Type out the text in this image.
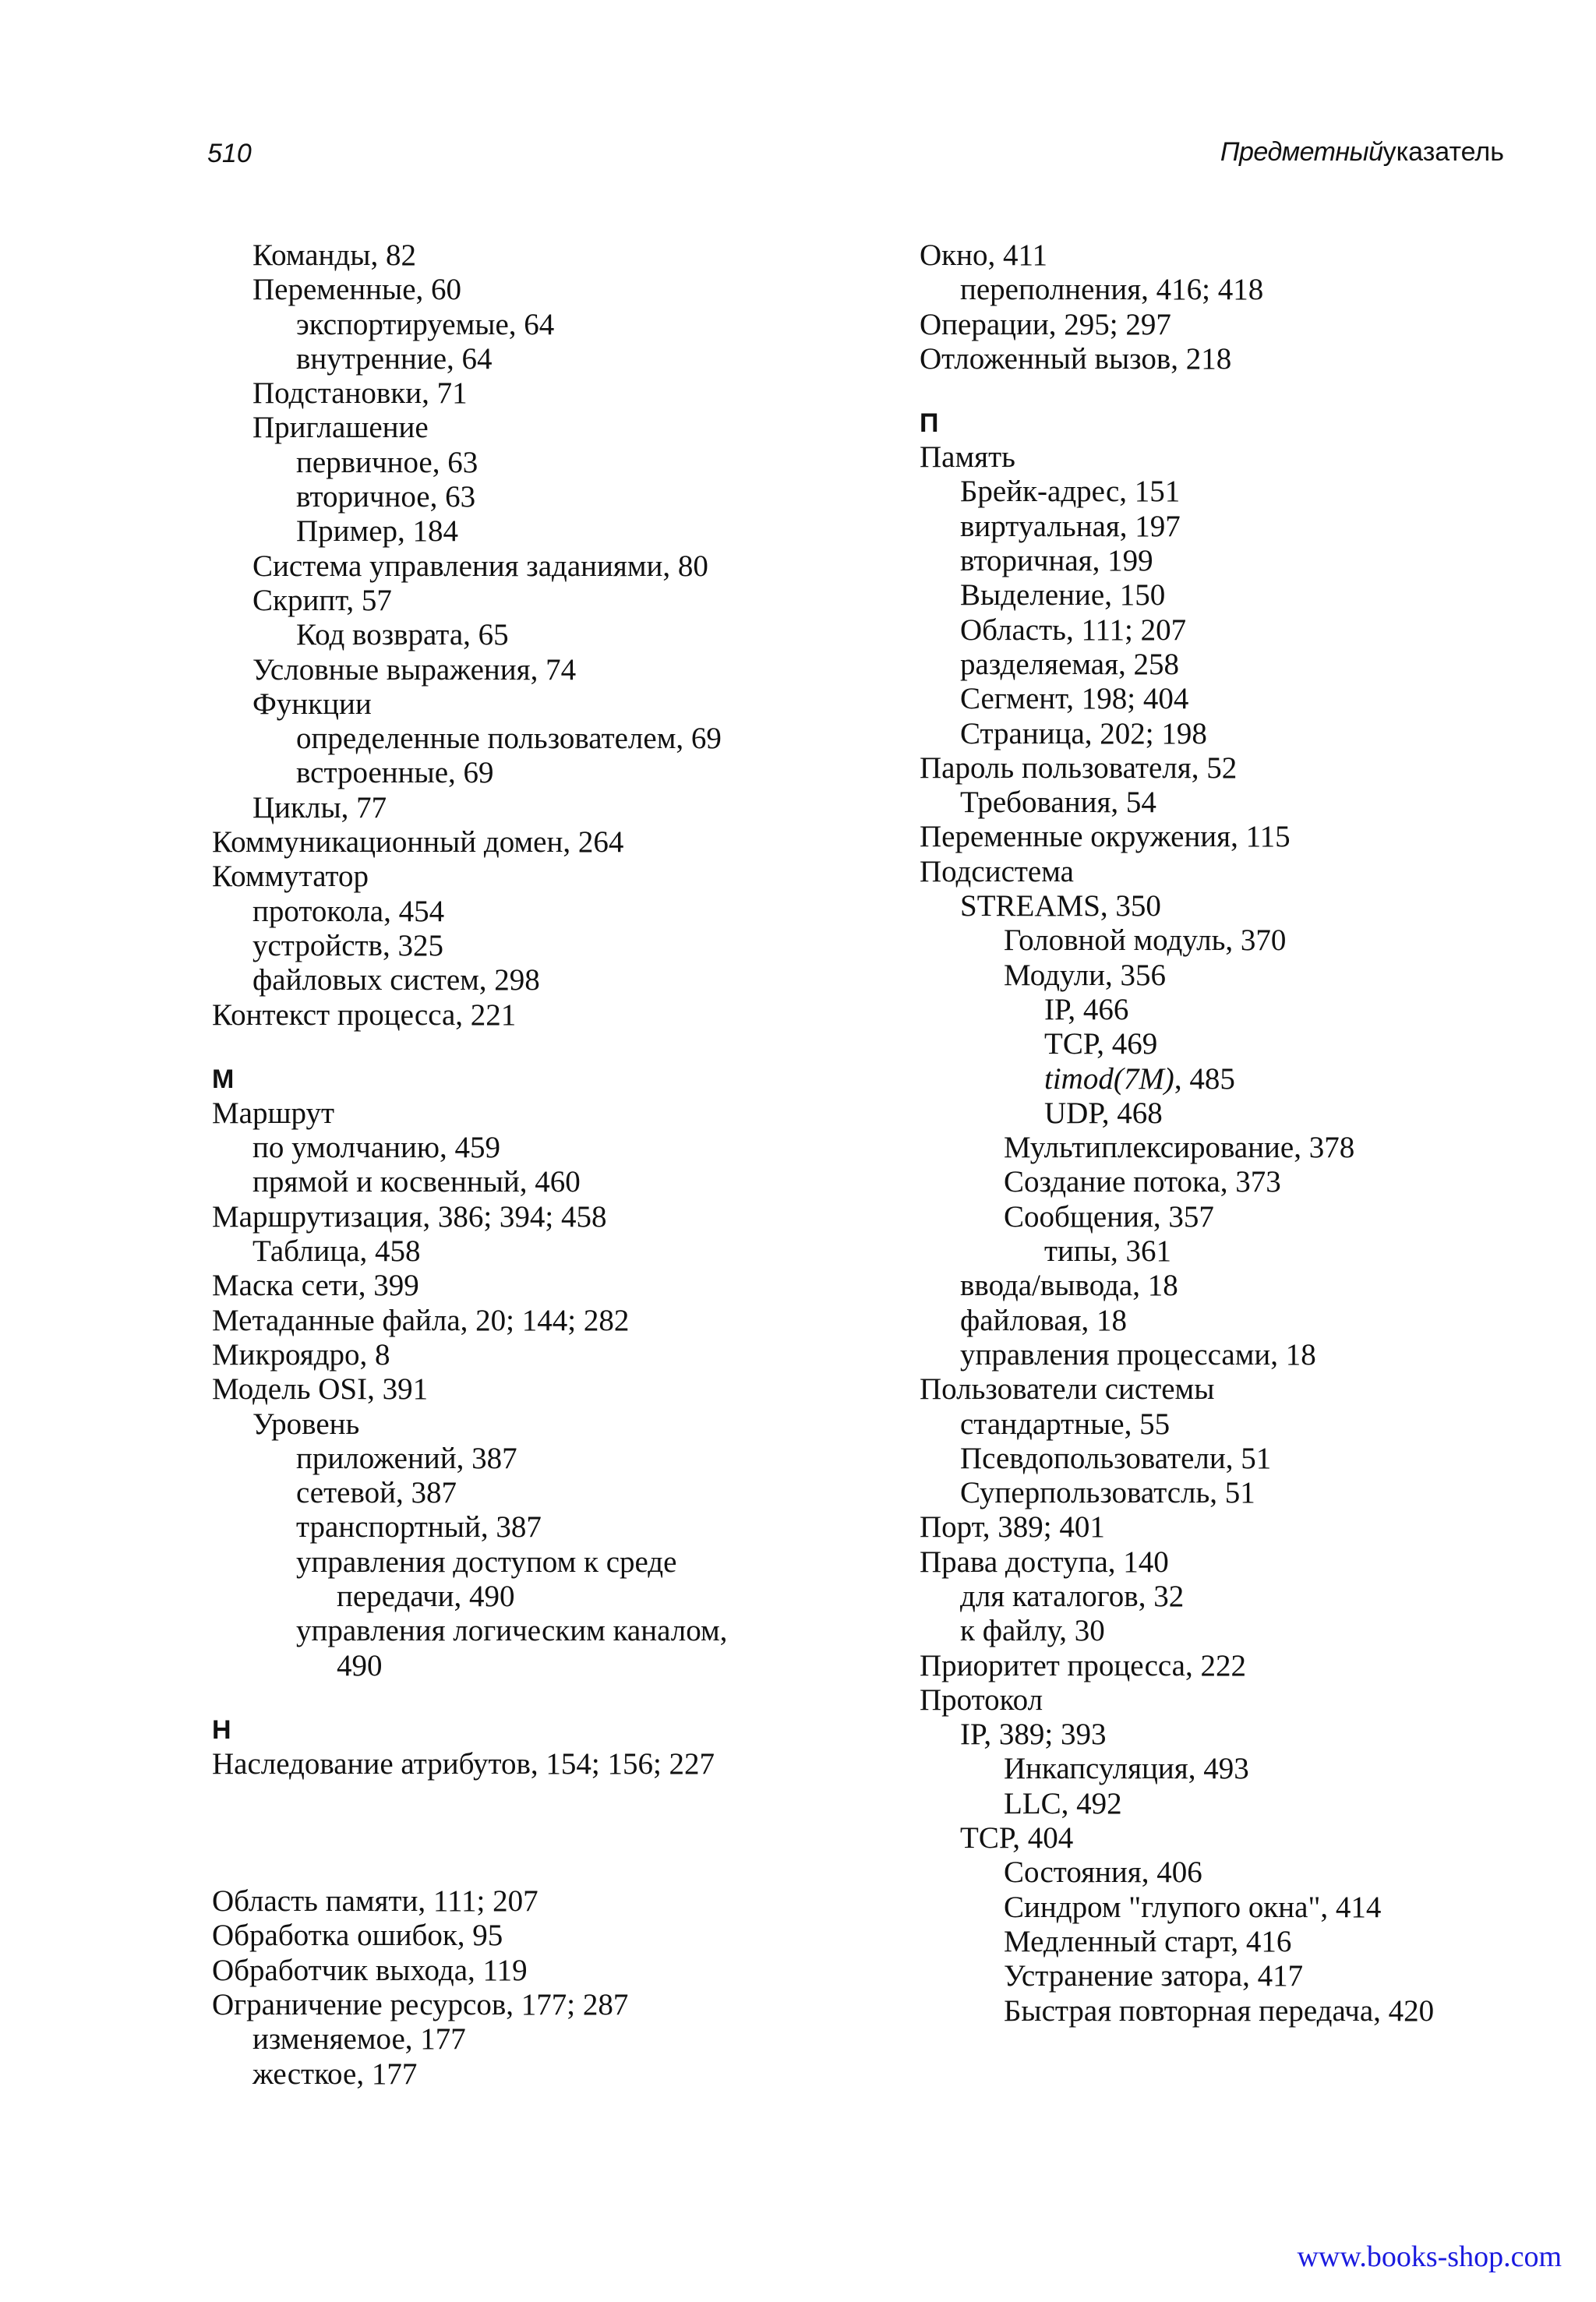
510	Предметныйуказатель
Команды, 82
Переменные, 60
экспортируемые, 64
внутренние, 64
Подстановки, 71
Приглашение
первичное, 63
вторичное, 63
Пример, 184
Система управления заданиями, 80
Скрипт, 57
Код возврата, 65
Условные выражения, 74
Функции
определенные пользователем, 69
встроенные, 69
Циклы, 77
Коммуникационный домен, 264
Коммутатор
протокола, 454
устройств, 325
файловых систем, 298
Контекст процесса, 221
М
Маршрут
по умолчанию, 459
прямой и косвенный, 460
Маршрутизация, 386; 394; 458
Таблица, 458
Маска сети, 399
Метаданные файла, 20; 144; 282
Микроядро, 8
Модель OSI, 391
Уровень
приложений, 387
сетевой, 387
транспортный, 387
управления доступом к среде
передачи, 490
управления логическим каналом,
490
Н
Наследование атрибутов, 154; 156; 227
Область памяти, 111; 207
Обработка ошибок, 95
Обработчик выхода, 119
Ограничение ресурсов, 177; 287
изменяемое, 177
жесткое, 177
Окно, 411
переполнения, 416; 418
Операции, 295; 297
Отложенный вызов, 218
П
Память
Брейк-адрес, 151
виртуальная, 197
вторичная, 199
Выделение, 150
Область, 111; 207
разделяемая, 258
Сегмент, 198; 404
Страница, 202; 198
Пароль пользователя, 52
Требования, 54
Переменные окружения, 115
Подсистема
STREAMS, 350
Головной модуль, 370
Модули, 356
IP, 466
TCP, 469
timod(7M), 485
UDP, 468
Мультиплексирование, 378
Создание потока, 373
Сообщения, 357
типы, 361
ввода/вывода, 18
файловая, 18
управления процессами, 18
Пользователи системы
стандартные, 55
Псевдопользователи, 51
Суперпользоватсль, 51
Порт, 389; 401
Права доступа, 140
для каталогов, 32
к файлу, 30
Приоритет процесса, 222
Протокол
IP, 389; 393
Инкапсуляция, 493
LLC, 492
TCP, 404
Состояния, 406
Синдром "глупого окна", 414
Медленный старт, 416
Устранение затора, 417
Быстрая повторная передача, 420
www.books-shop.com
